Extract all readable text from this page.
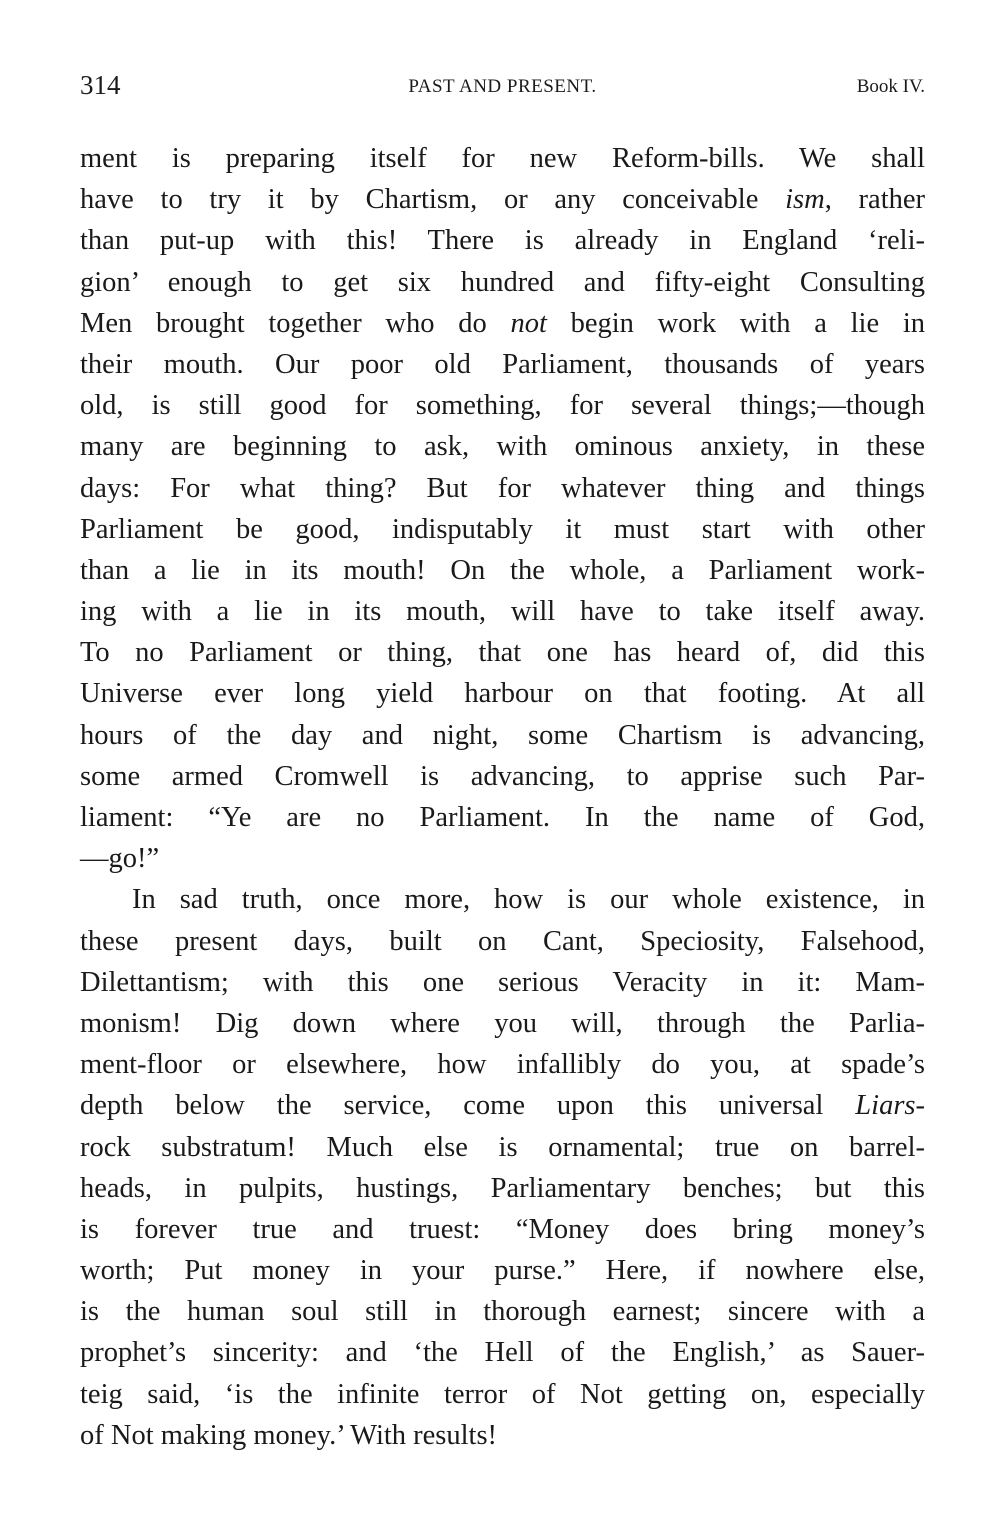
314	PAST AND PRESENT.	Book IV.
ment is preparing itself for new Reform-bills. We shall
have to try it by Chartism, or any conceivable ism, rather
than put-up with this! There is already in England ‘reli-
gion’ enough to get six hundred and fifty-eight Consulting
Men brought together who do not begin work with a lie in
their mouth. Our poor old Parliament, thousands of years
old, is still good for something, for several things;—though
many are beginning to ask, with ominous anxiety, in these
days: For what thing? But for whatever thing and things
Parliament be good, indisputably it must start with other
than a lie in its mouth! On the whole, a Parliament work-
ing with a lie in its mouth, will have to take itself away.
To no Parliament or thing, that one has heard of, did this
Universe ever long yield harbour on that footing. At all
hours of the day and night, some Chartism is advancing,
some armed Cromwell is advancing, to apprise such Par-
liament: “Ye are no Parliament. In the name of God,
—go!”
In sad truth, once more, how is our whole existence, in
these present days, built on Cant, Speciosity, Falsehood,
Dilettantism; with this one serious Veracity in it: Mam-
monism! Dig down where you will, through the Parlia-
ment-floor or elsewhere, how infallibly do you, at spade’s
depth below the service, come upon this universal Liars-
rock substratum! Much else is ornamental; true on barrel-
heads, in pulpits, hustings, Parliamentary benches; but this
is forever true and truest: “Money does bring money’s
worth; Put money in your purse.” Here, if nowhere else,
is the human soul still in thorough earnest; sincere with a
prophet’s sincerity: and ‘the Hell of the English,’ as Sauer-
teig said, ‘is the infinite terror of Not getting on, especially
of Not making money.’ With results!
